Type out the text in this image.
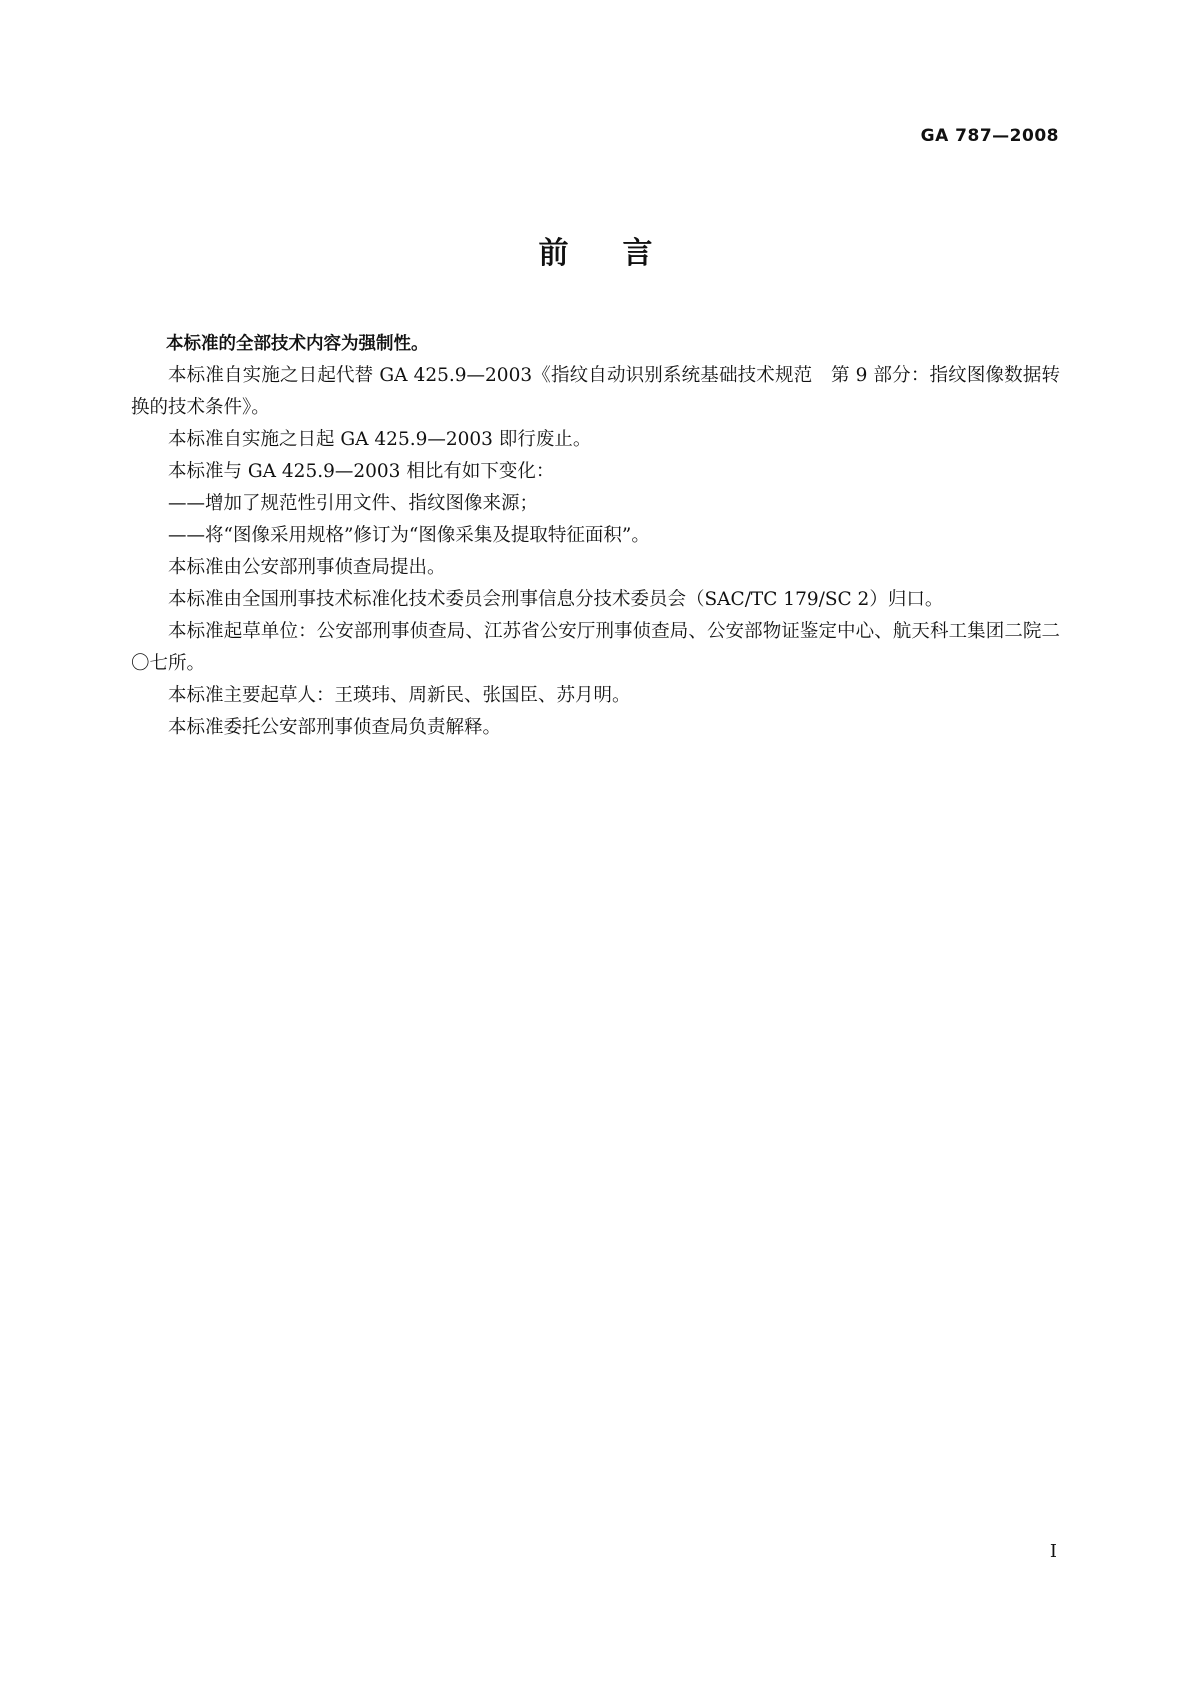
GA 787—2008
前言

本标准的全部技术内容为强制性。

本标准自实施之日起代替 GA 425.9—2003《指纹自动识别系统基础技术规范　第 9 部分：指纹图像数据转换的技术条件》。

本标准自实施之日起 GA 425.9—2003 即行废止。

本标准与 GA 425.9—2003 相比有如下变化：

——增加了规范性引用文件、指纹图像来源；

——将“图像采用规格”修订为“图像采集及提取特征面积”。

本标准由公安部刑事侦查局提出。

本标准由全国刑事技术标准化技术委员会刑事信息分技术委员会（SAC/TC 179/SC 2）归口。

本标准起草单位：公安部刑事侦查局、江苏省公安厅刑事侦查局、公安部物证鉴定中心、航天科工集团二院二〇七所。

本标准主要起草人：王瑛玮、周新民、张国臣、苏月明。

本标准委托公安部刑事侦查局负责解释。

I
